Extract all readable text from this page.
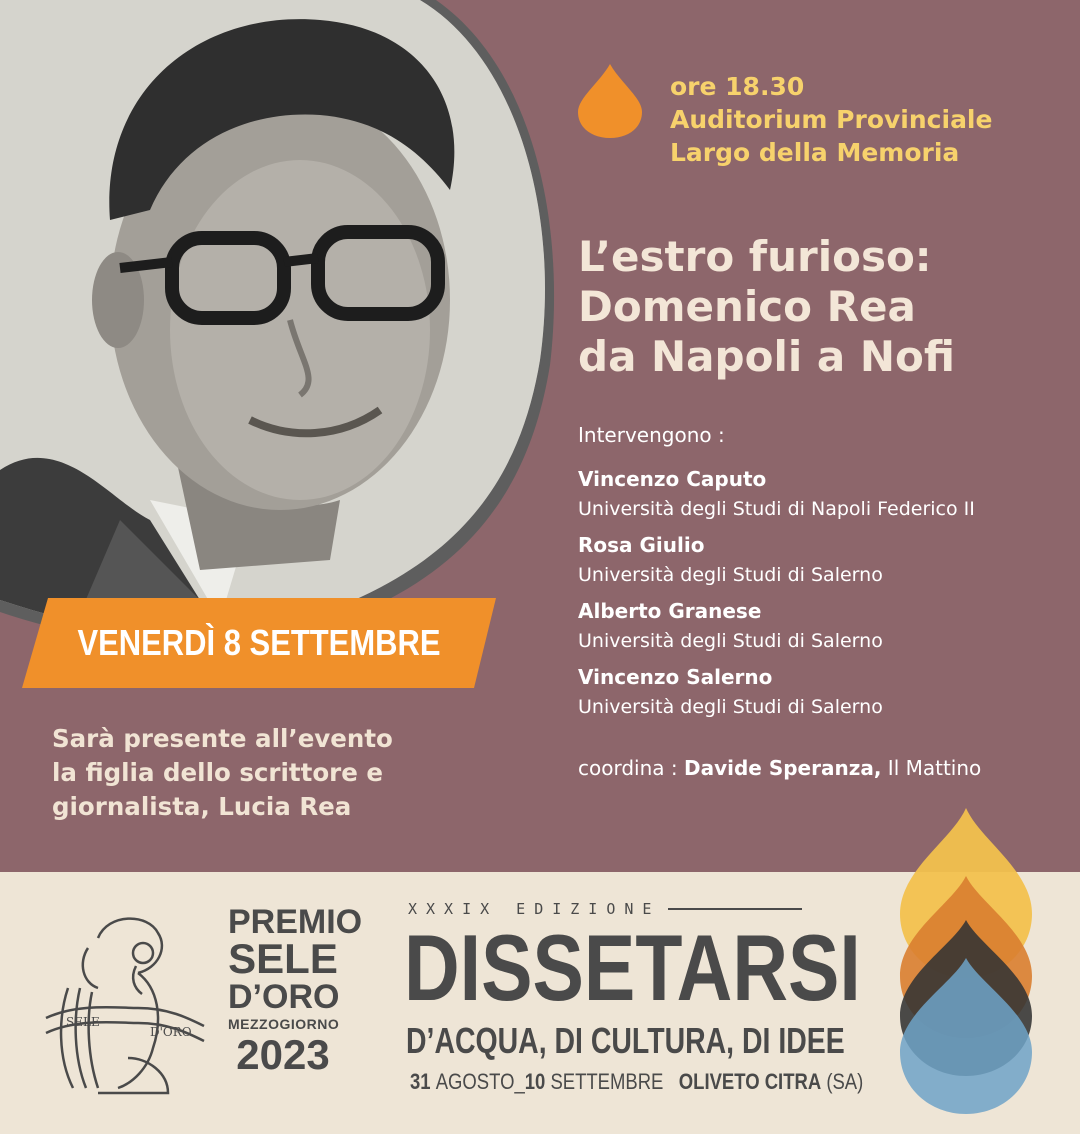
VENERDÌ 8 SETTEMBRE
Sarà presente all’evento
la figlia dello scrittore e
giornalista, Lucia Rea
ore 18.30
Auditorium Provinciale
Largo della Memoria
L’estro furioso:
Domenico Rea
da Napoli a Nofi
Intervengono :
Vincenzo Caputo
Università degli Studi di Napoli Federico II
Rosa Giulio
Università degli Studi di Salerno
Alberto Granese
Università degli Studi di Salerno
Vincenzo Salerno
Università degli Studi di Salerno
coordina : Davide Speranza, Il Mattino
SELE
D'ORO
PREMIO
SELE
D’ORO
MEZZOGIORNO
2023
XXXIX EDIZIONE
DISSETARSI
D’ACQUA, DI CULTURA, DI IDEE
31 AGOSTO_10 SETTEMBRE OLIVETO CITRA (SA)
